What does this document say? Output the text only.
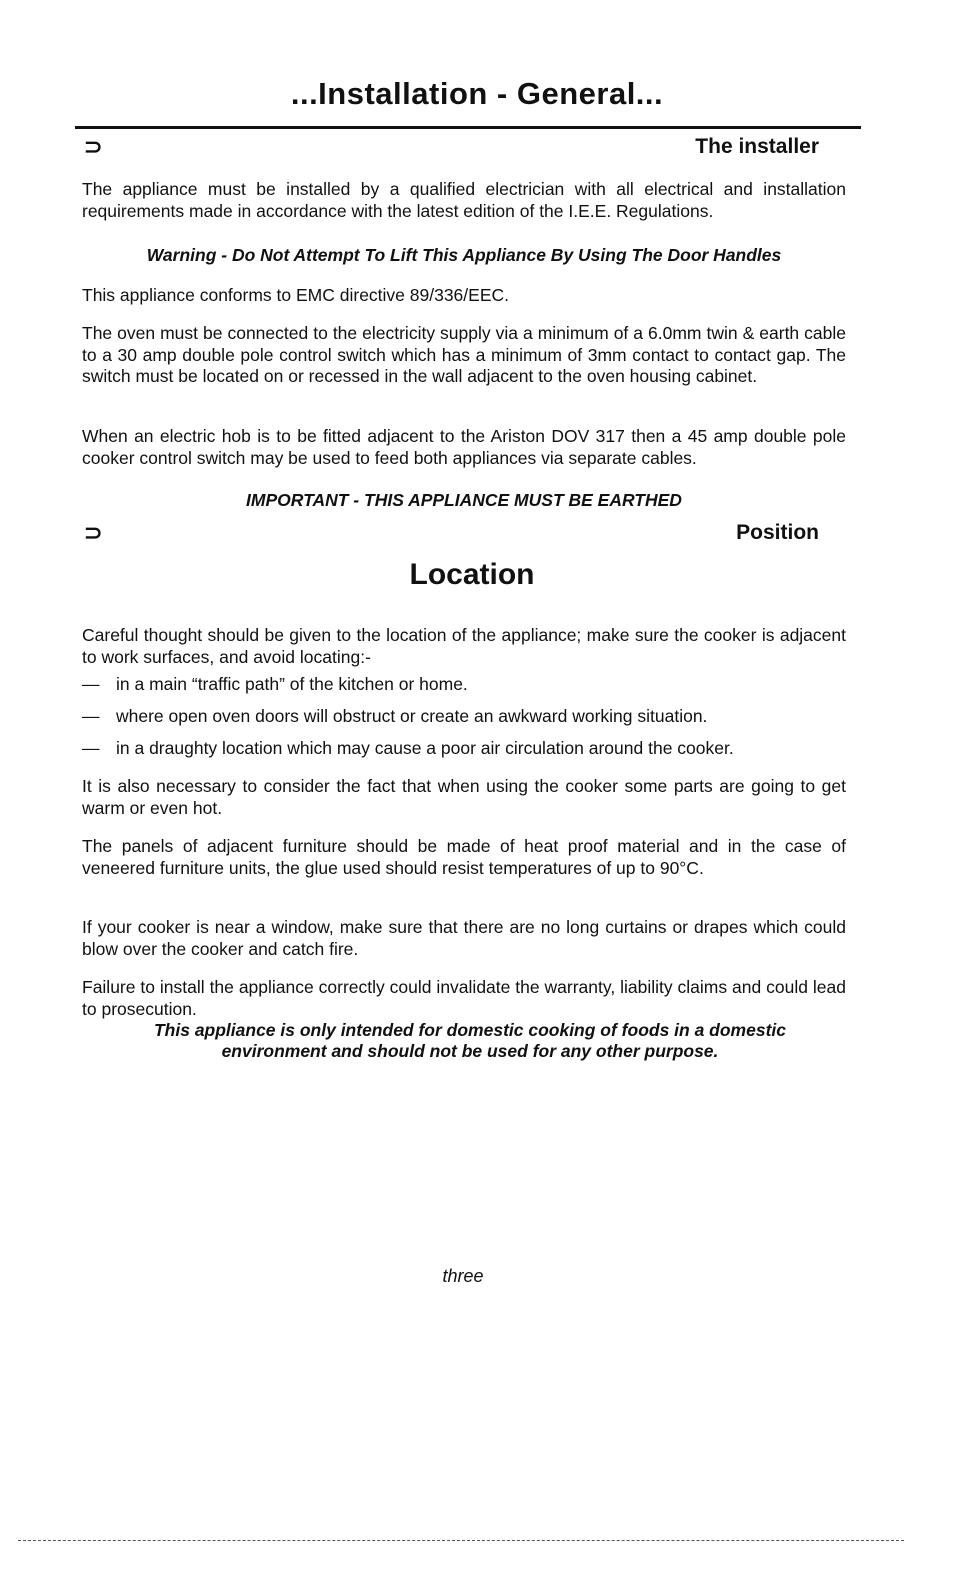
...Installation - General...
⊃	The installer
The appliance must be installed by a qualified electrician with all electrical and installation requirements made in accordance with the latest edition of the I.E.E. Regulations.
Warning - Do Not Attempt To Lift This Appliance By Using The Door Handles
This appliance conforms to EMC directive 89/336/EEC.
The oven must be connected to the electricity supply via a minimum of a 6.0mm twin & earth cable to a 30 amp double pole control switch which has a minimum of 3mm contact to contact gap. The switch must be located on or recessed in the wall adjacent to the oven housing cabinet.
When an electric hob is to be fitted adjacent to the Ariston DOV 317 then a 45 amp double pole cooker control switch may be used to feed both appliances via separate cables.
IMPORTANT - THIS APPLIANCE MUST BE EARTHED
⊃	Position
Location
Careful thought should be given to the location of the appliance; make sure the cooker is adjacent to work surfaces, and avoid locating:-
— in a main “traffic path” of the kitchen or home.
— where open oven doors will obstruct or create an awkward working situation.
— in a draughty location which may cause a poor air circulation around the cooker.
It is also necessary to consider the fact that when using the cooker some parts are going to get warm or even hot.
The panels of adjacent furniture should be made of heat proof material and in the case of veneered furniture units, the glue used should resist temperatures of up to 90°C.
If your cooker is near a window, make sure that there are no long curtains or drapes which could blow over the cooker and catch fire.
Failure to install the appliance correctly could invalidate the warranty, liability claims and could lead to prosecution.
This appliance is only intended for domestic cooking of foods in a domestic environment and should not be used for any other purpose.
three
